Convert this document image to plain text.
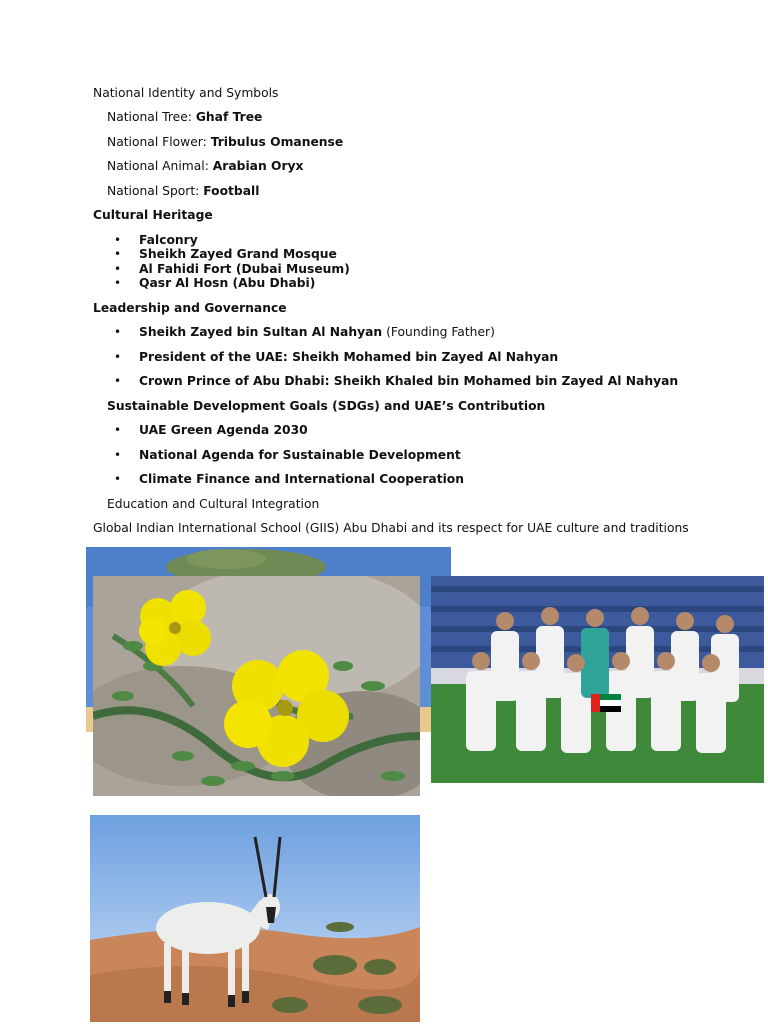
National Identity and Symbols
National Tree: Ghaf Tree
National Flower: Tribulus Omanense
National Animal: Arabian Oryx
National Sport: Football
Cultural Heritage
• Falconry
• Sheikh Zayed Grand Mosque
• Al Fahidi Fort (Dubai Museum)
• Qasr Al Hosn (Abu Dhabi)
Leadership and Governance
• Sheikh Zayed bin Sultan Al Nahyan (Founding Father)
• President of the UAE: Sheikh Mohamed bin Zayed Al Nahyan
• Crown Prince of Abu Dhabi: Sheikh Khaled bin Mohamed bin Zayed Al Nahyan
Sustainable Development Goals (SDGs) and UAE’s Contribution
• UAE Green Agenda 2030
• National Agenda for Sustainable Development
• Climate Finance and International Cooperation
Education and Cultural Integration
Global Indian International School (GIIS) Abu Dhabi and its respect for UAE culture and traditions
